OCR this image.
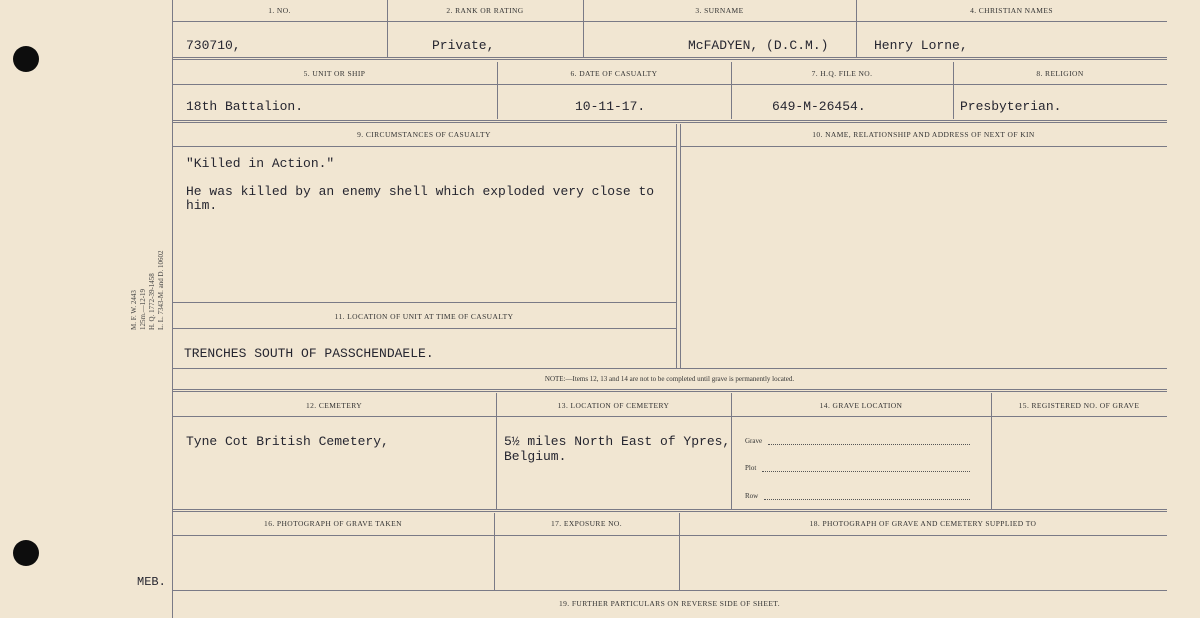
M. F. W. 2443 125m.—12-19 H. Q. 1772-39-1458 L. L. 7343-M. and D. 10602
MEB.
1. NO.	2. RANK OR RATING	3. SURNAME	4. CHRISTIAN NAMES
730710,	Private,	McFADYEN, (D.C.M.)	Henry Lorne,
5. UNIT OR SHIP	6. DATE OF CASUALTY	7. H.Q. FILE NO.	8. RELIGION
18th Battalion.	10-11-17.	649-M-26454.	Presbyterian.
9. CIRCUMSTANCES OF CASUALTY	10. NAME, RELATIONSHIP AND ADDRESS OF NEXT OF KIN
"Killed in Action."
He was killed by an enemy shell which exploded very close to
him.
11. LOCATION OF UNIT AT TIME OF CASUALTY
TRENCHES SOUTH OF PASSCHENDAELE.
NOTE:—Items 12, 13 and 14 are not to be completed until grave is permanently located.
12. CEMETERY	13. LOCATION OF CEMETERY	14. GRAVE LOCATION	15. REGISTERED NO. OF GRAVE
Tyne Cot British Cemetery,	5½ miles North East of Ypres,
Belgium.
Grave
Plot
Row
16. PHOTOGRAPH OF GRAVE TAKEN	17. EXPOSURE NO.	18. PHOTOGRAPH OF GRAVE AND CEMETERY SUPPLIED TO
19. FURTHER PARTICULARS ON REVERSE SIDE OF SHEET.
